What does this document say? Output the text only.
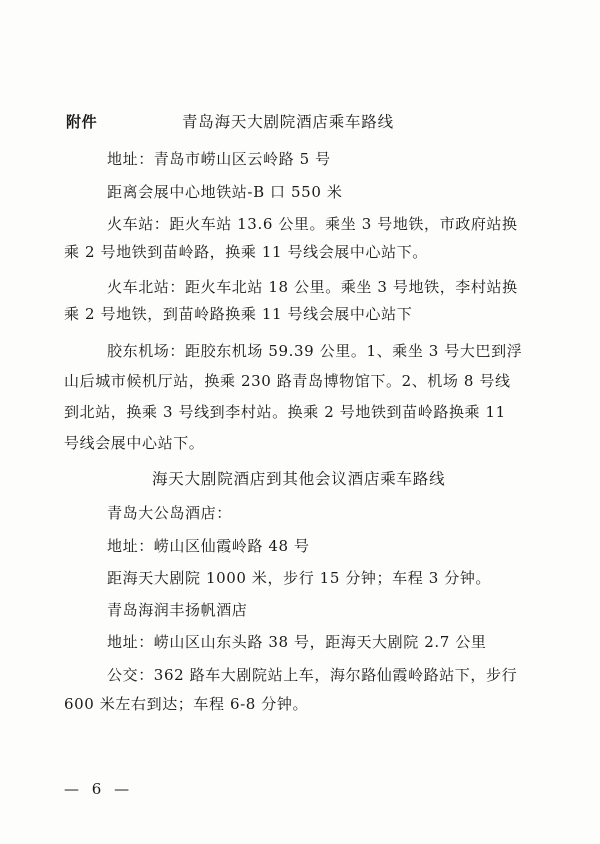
附件	青岛海天大剧院酒店乘车路线
地址：青岛市崂山区云岭路 5 号
距离会展中心地铁站-B 口 550 米
火车站：距火车站 13.6 公里。乘坐 3 号地铁，市政府站换
乘 2 号地铁到苗岭路，换乘 11 号线会展中心站下。
火车北站：距火车北站 18 公里。乘坐 3 号地铁，李村站换
乘 2 号地铁，到苗岭路换乘 11 号线会展中心站下
胶东机场：距胶东机场 59.39 公里。1、乘坐 3 号大巴到浮
山后城市候机厅站，换乘 230 路青岛博物馆下。2、机场 8 号线
到北站，换乘 3 号线到李村站。换乘 2 号地铁到苗岭路换乘 11
号线会展中心站下。
海天大剧院酒店到其他会议酒店乘车路线
青岛大公岛酒店：
地址：崂山区仙霞岭路 48 号
距海天大剧院 1000 米，步行 15 分钟；车程 3 分钟。
青岛海润丰扬帆酒店
地址：崂山区山东头路 38 号，距海天大剧院 2.7 公里
公交：362 路车大剧院站上车，海尔路仙霞岭路站下，步行
600 米左右到达；车程 6-8 分钟。
— 6 —
